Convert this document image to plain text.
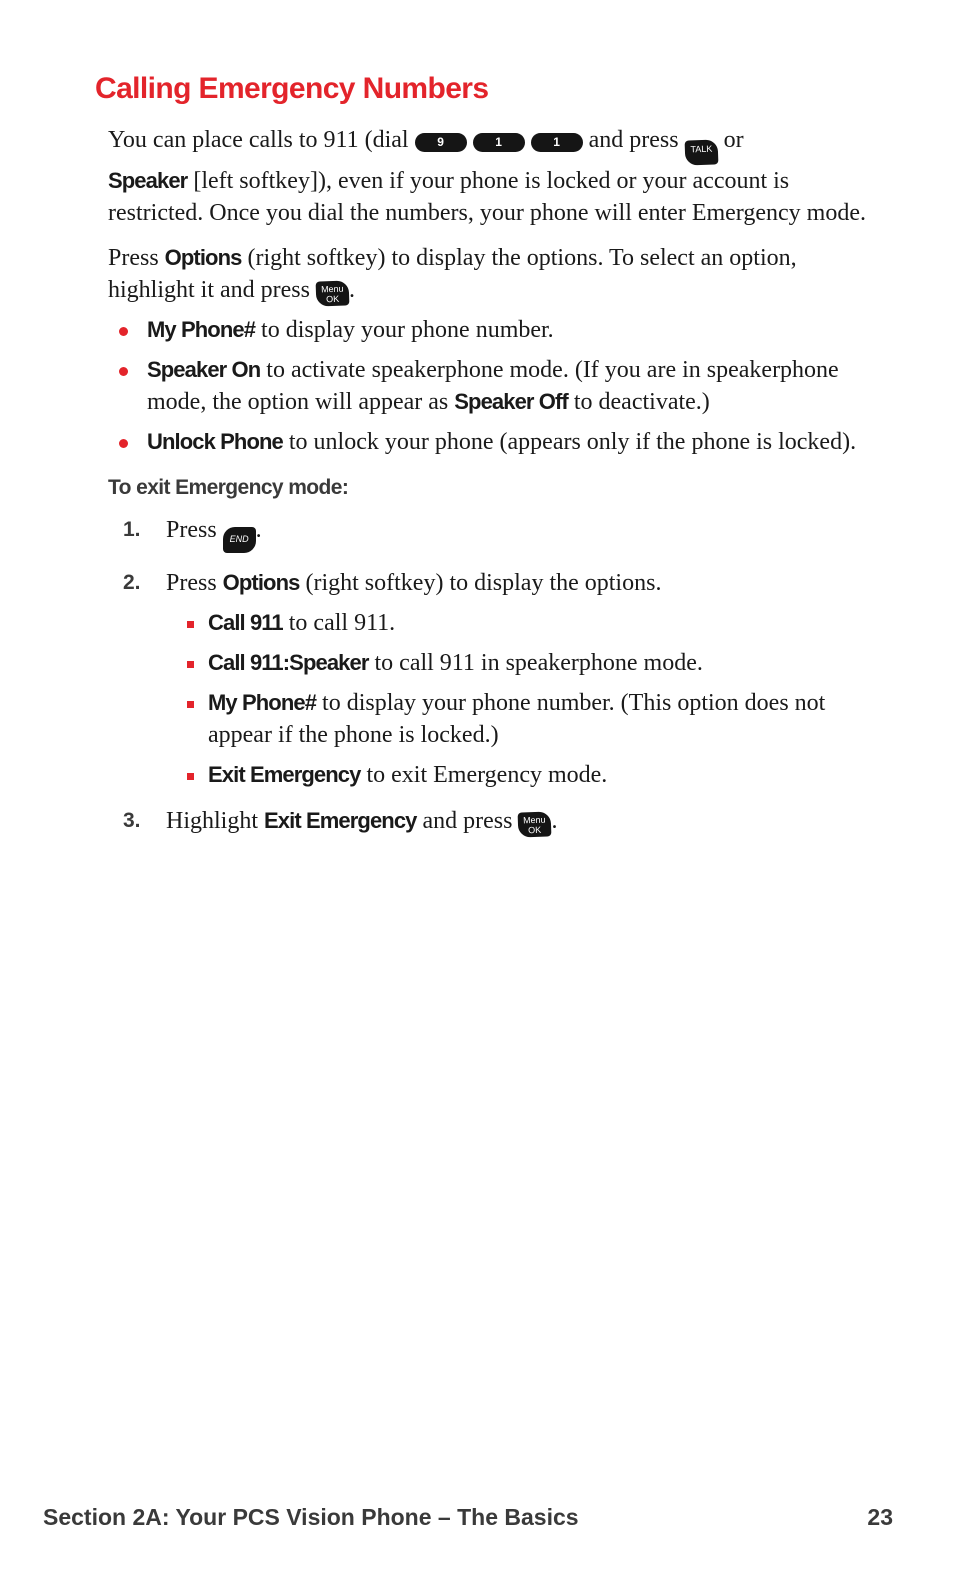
Calling Emergency Numbers

You can place calls to 911 (dial 9	1	1 and press TALK or
Speaker [left softkey]), even if your phone is locked or your account is restricted. Once you dial the numbers, your phone will enter Emergency mode.

Press Options (right softkey) to display the options. To select an option, highlight it and press Menu
OK .

My Phone# to display your phone number.
Speaker On to activate speakerphone mode. (If you are in speakerphone mode, the option will appear as Speaker Off to deactivate.)
Unlock Phone to unlock your phone (appears only if the phone is locked).
To exit Emergency mode:
1. Press END .
2. Press Options (right softkey) to display the options.
Call 911 to call 911.
Call 911:Speaker to call 911 in speakerphone mode.
My Phone# to display your phone number. (This option does not appear if the phone is locked.)
Exit Emergency to exit Emergency mode.
3. Highlight Exit Emergency and press Menu
OK .
Section 2A: Your PCS Vision Phone – The Basics	23
